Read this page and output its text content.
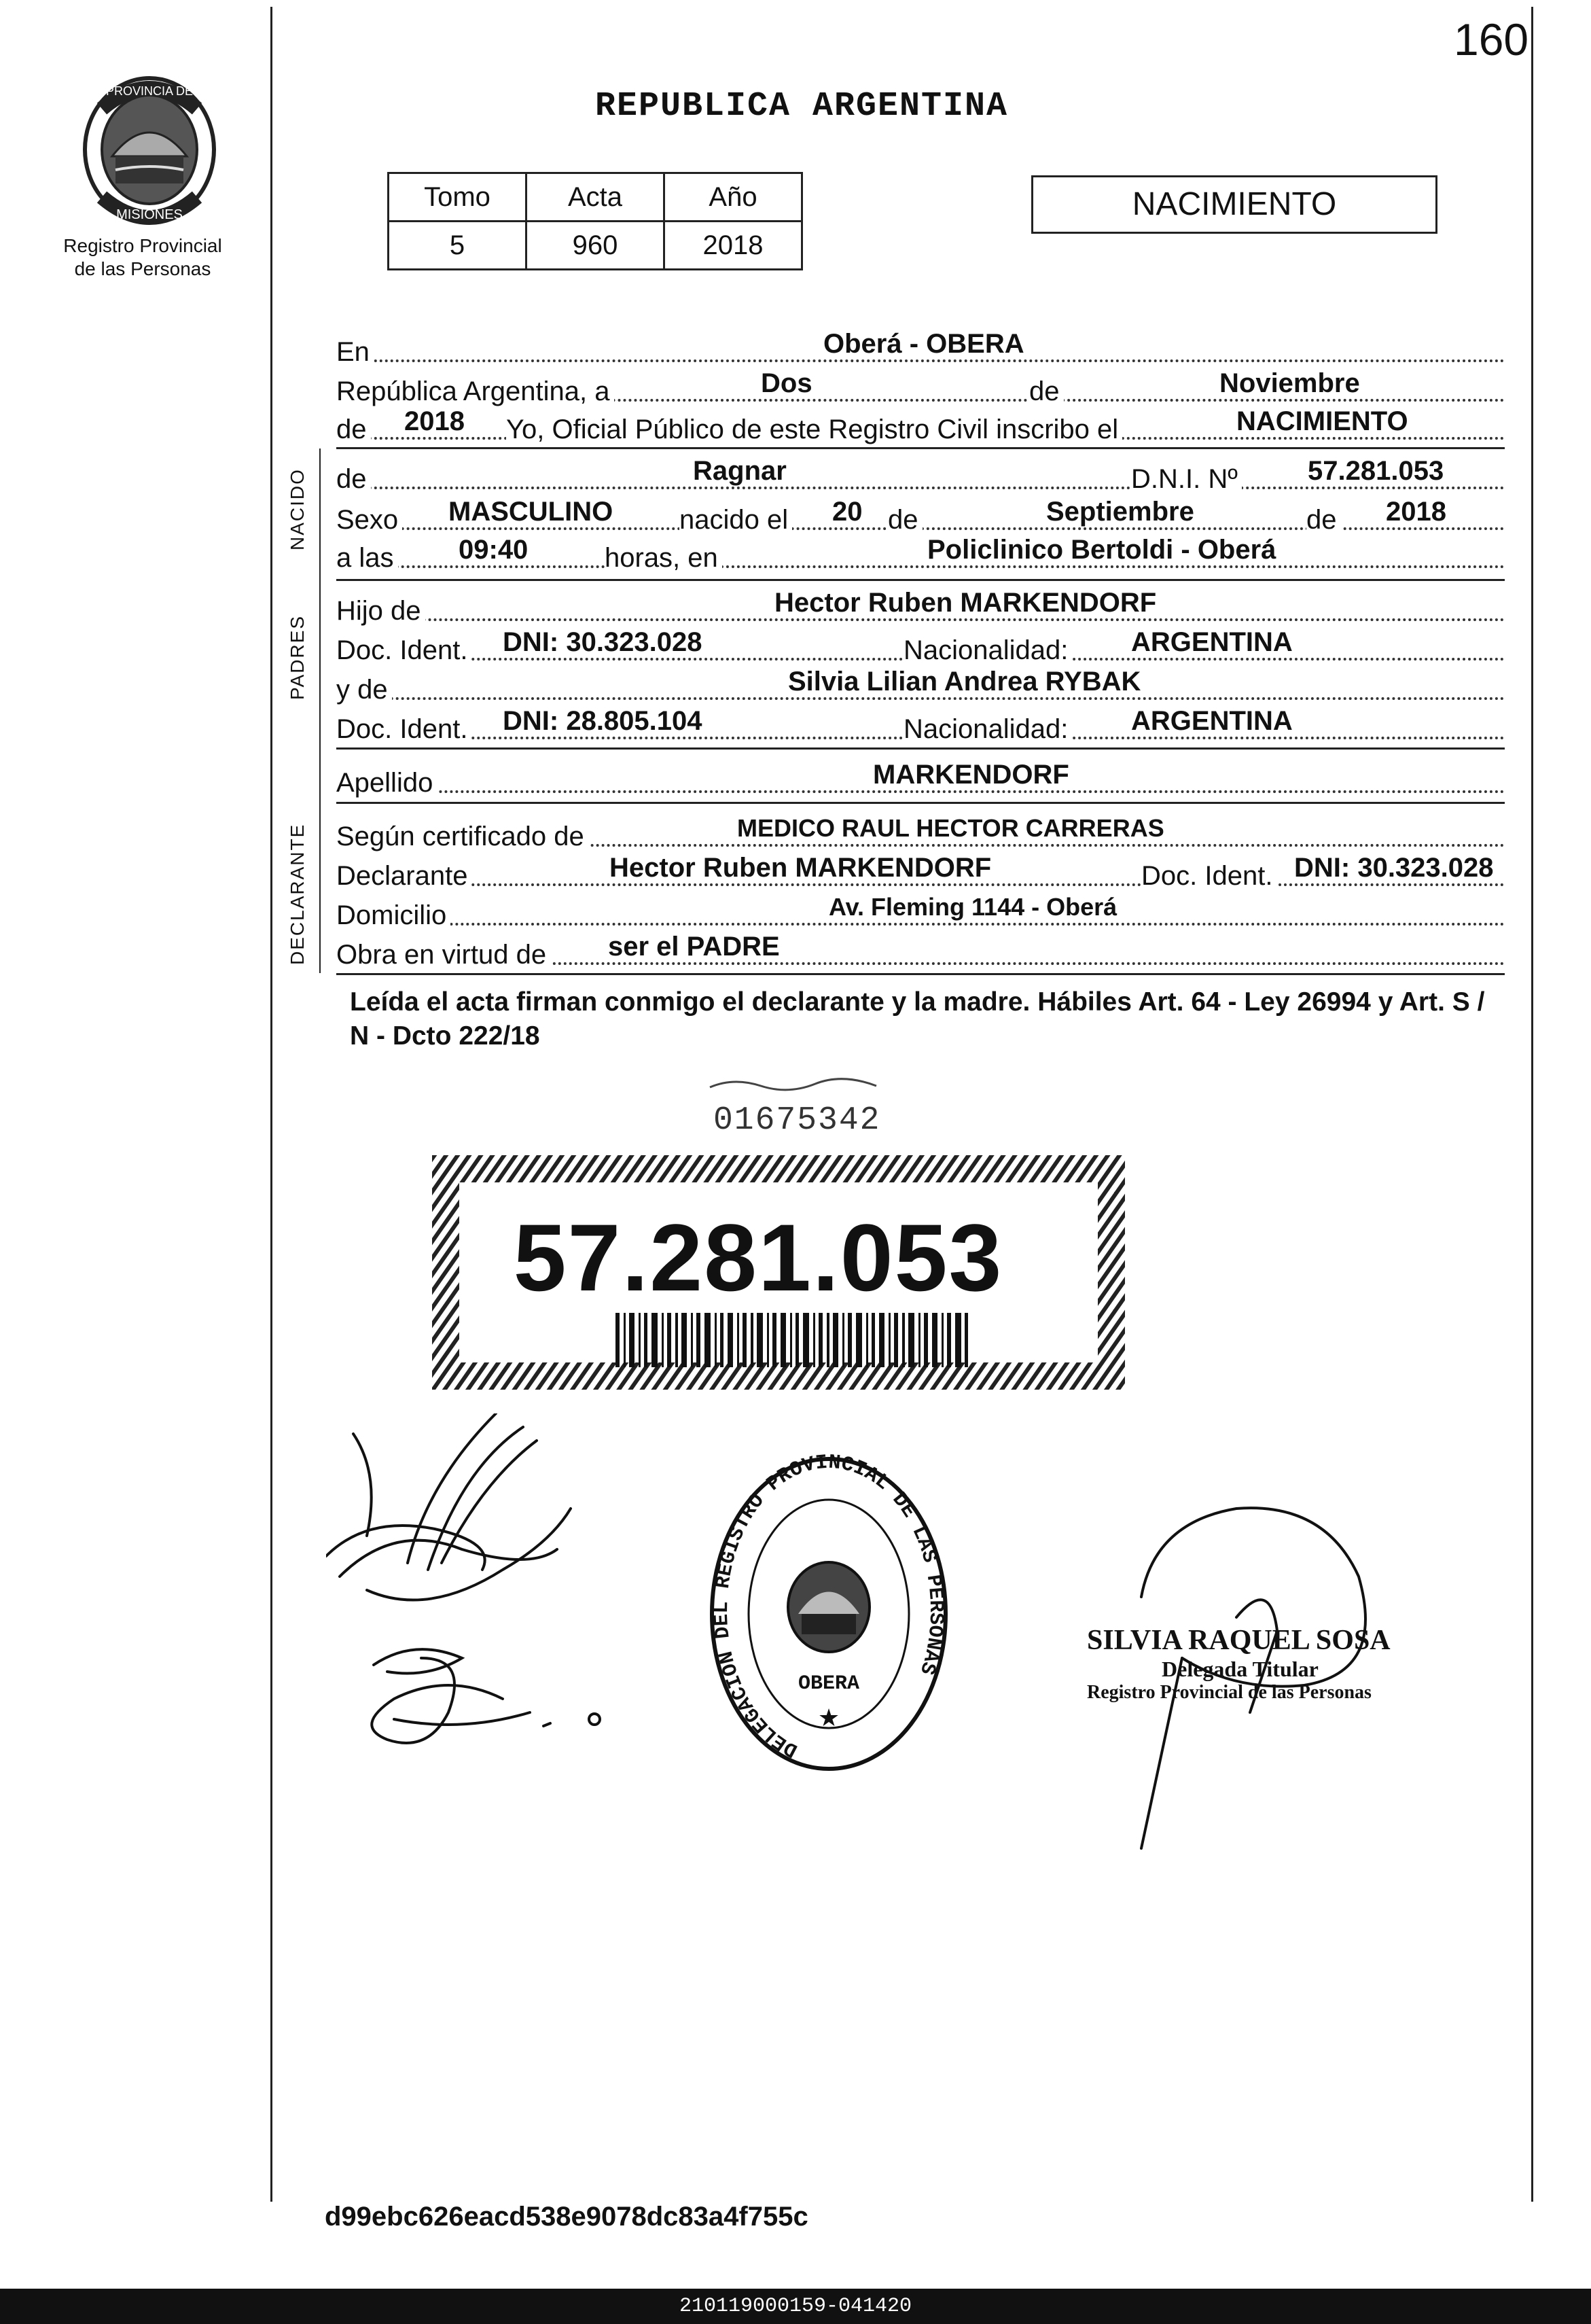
160
REPUBLICA ARGENTINA
PROVINCIA DE
MISIONES
Registro Provincial
de las Personas
Tomo	Acta	Año
5	960	2018
NACIMIENTO
En	Oberá - OBERA
República Argentina, a	Dos	de	Noviembre
de 2018 Yo, Oficial Público de este Registro Civil inscribo el	NACIMIENTO
NACIDO de	Ragnar	D.N.I. Nº	57.281.053
Sexo MASCULINO nacido el 20 de	Septiembre	de 2018
a las 09:40	horas, en	Policlinico Bertoldi - Oberá
PADRES
Hijo de	Hector Ruben MARKENDORF
Doc. Ident. DNI: 30.323.028	Nacionalidad: ARGENTINA
y de	Silvia Lilian Andrea RYBAK
Doc. Ident. DNI: 28.805.104	Nacionalidad: ARGENTINA
Apellido	MARKENDORF
DECLARANTE Según certificado de	MEDICO RAUL HECTOR CARRERAS
Declarante	Hector Ruben MARKENDORF	Doc. Ident. DNI: 30.323.028
Domicilio	Av. Fleming 1144 - Oberá
Obra en virtud de ser el PADRE
Leída el acta firman conmigo el declarante y la madre. Hábiles Art. 64 - Ley 26994 y Art. S / N - Dcto 222/18
01675342
57.281.053
DELEGACION DEL REGISTRO PROVINCIAL DE LAS PERSONAS
OBERA
★
SILVIA RAQUEL SOSA
Delegada Titular
Registro Provincial de las Personas
d99ebc626eacd538e9078dc83a4f755c
210119000159-041420
